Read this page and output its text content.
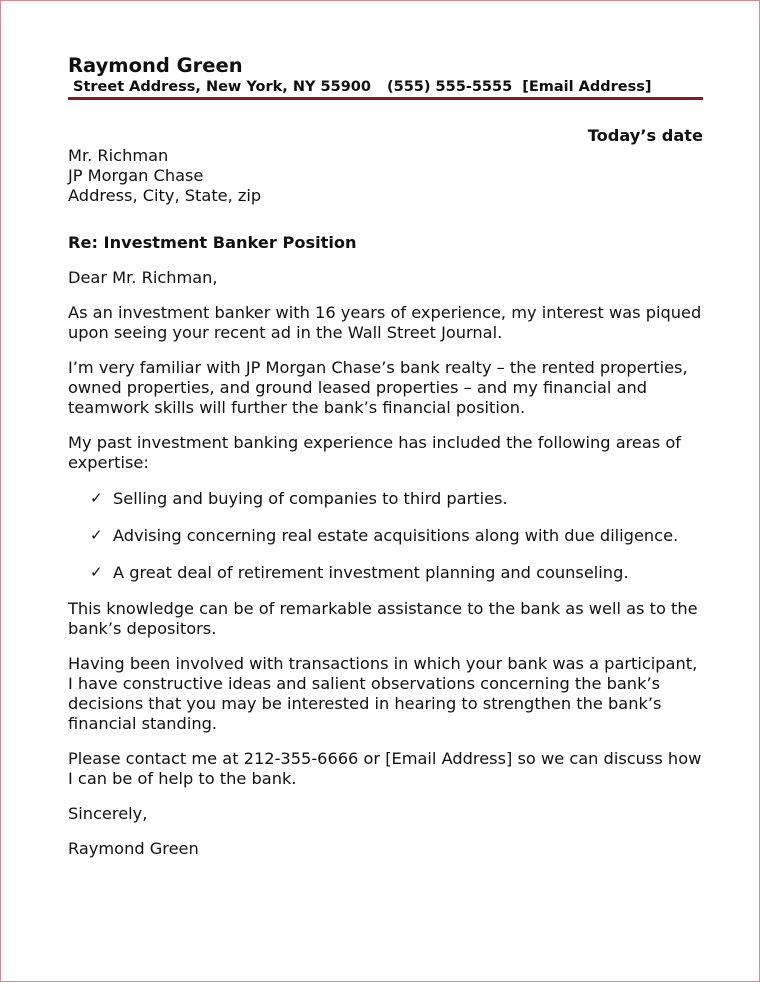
Raymond Green
Street Address, New York, NY 55900 (555) 555-5555 [Email Address]
Today’s date
Mr. Richman
JP Morgan Chase
Address, City, State, zip

Re: Investment Banker Position

Dear Mr. Richman,

As an investment banker with 16 years of experience, my interest was piqued upon seeing your recent ad in the Wall Street Journal.

I’m very familiar with JP Morgan Chase’s bank realty – the rented properties, owned properties, and ground leased properties – and my financial and teamwork skills will further the bank’s financial position.

My past investment banking experience has included the following areas of expertise:

✓ Selling and buying of companies to third parties.
✓ Advising concerning real estate acquisitions along with due diligence.
✓ A great deal of retirement investment planning and counseling.

This knowledge can be of remarkable assistance to the bank as well as to the bank’s depositors.

Having been involved with transactions in which your bank was a participant, I have constructive ideas and salient observations concerning the bank’s decisions that you may be interested in hearing to strengthen the bank’s financial standing.

Please contact me at 212-355-6666 or [Email Address] so we can discuss how I can be of help to the bank.

Sincerely,

Raymond Green
